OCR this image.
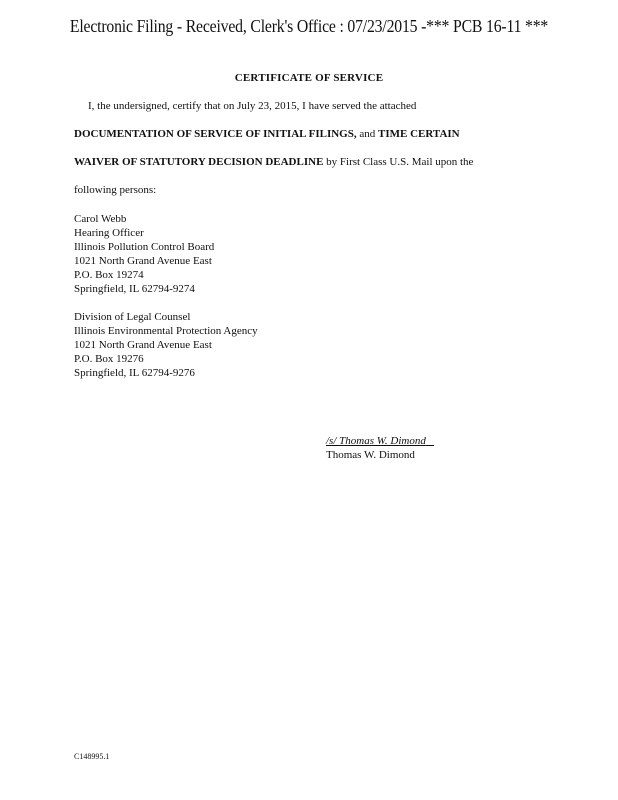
Electronic Filing - Received, Clerk's Office : 07/23/2015 -*** PCB 16-11 ***
CERTIFICATE OF SERVICE
I, the undersigned, certify that on July 23, 2015, I have served the attached
DOCUMENTATION OF SERVICE OF INITIAL FILINGS, and TIME CERTAIN
WAIVER OF STATUTORY DECISION DEADLINE by First Class U.S. Mail upon the
following persons:
Carol Webb
Hearing Officer
Illinois Pollution Control Board
1021 North Grand Avenue East
P.O. Box 19274
Springfield, IL 62794-9274
Division of Legal Counsel
Illinois Environmental Protection Agency
1021 North Grand Avenue East
P.O. Box 19276
Springfield, IL 62794-9276
/s/ Thomas W. Dimond
Thomas W. Dimond
C148995.1
